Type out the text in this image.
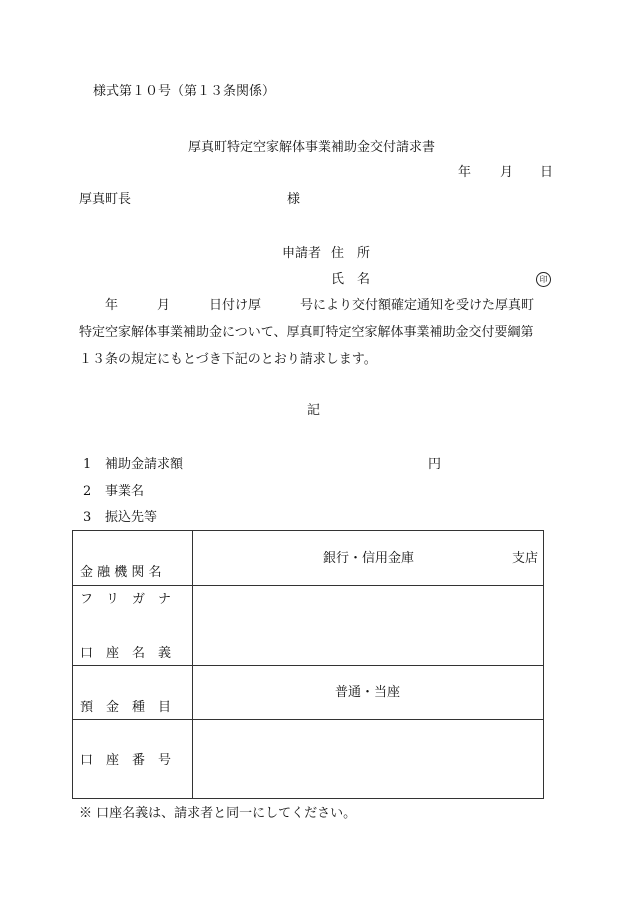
様式第１０号（第１３条関係）
厚真町特定空家解体事業補助金交付請求書
年 月 日
厚真町長	様
申請者 住　所
氏　名	印
年　　　月　　　日付け厚　　　号により交付額確定通知を受けた厚真町
特定空家解体事業補助金について、厚真町特定空家解体事業補助金交付要綱第
１３条の規定にもとづき下記のとおり請求します。
記
1 補助金請求額	円
2 事業名
3 振込先等
金 融 機 関 名	銀行・信用金庫 支店

フ　リ　ガ　ナ
口　座　名　義	

預　金　種　目	普通・当座

口　座　番　号	

※ 口座名義は、請求者と同一にしてください。
